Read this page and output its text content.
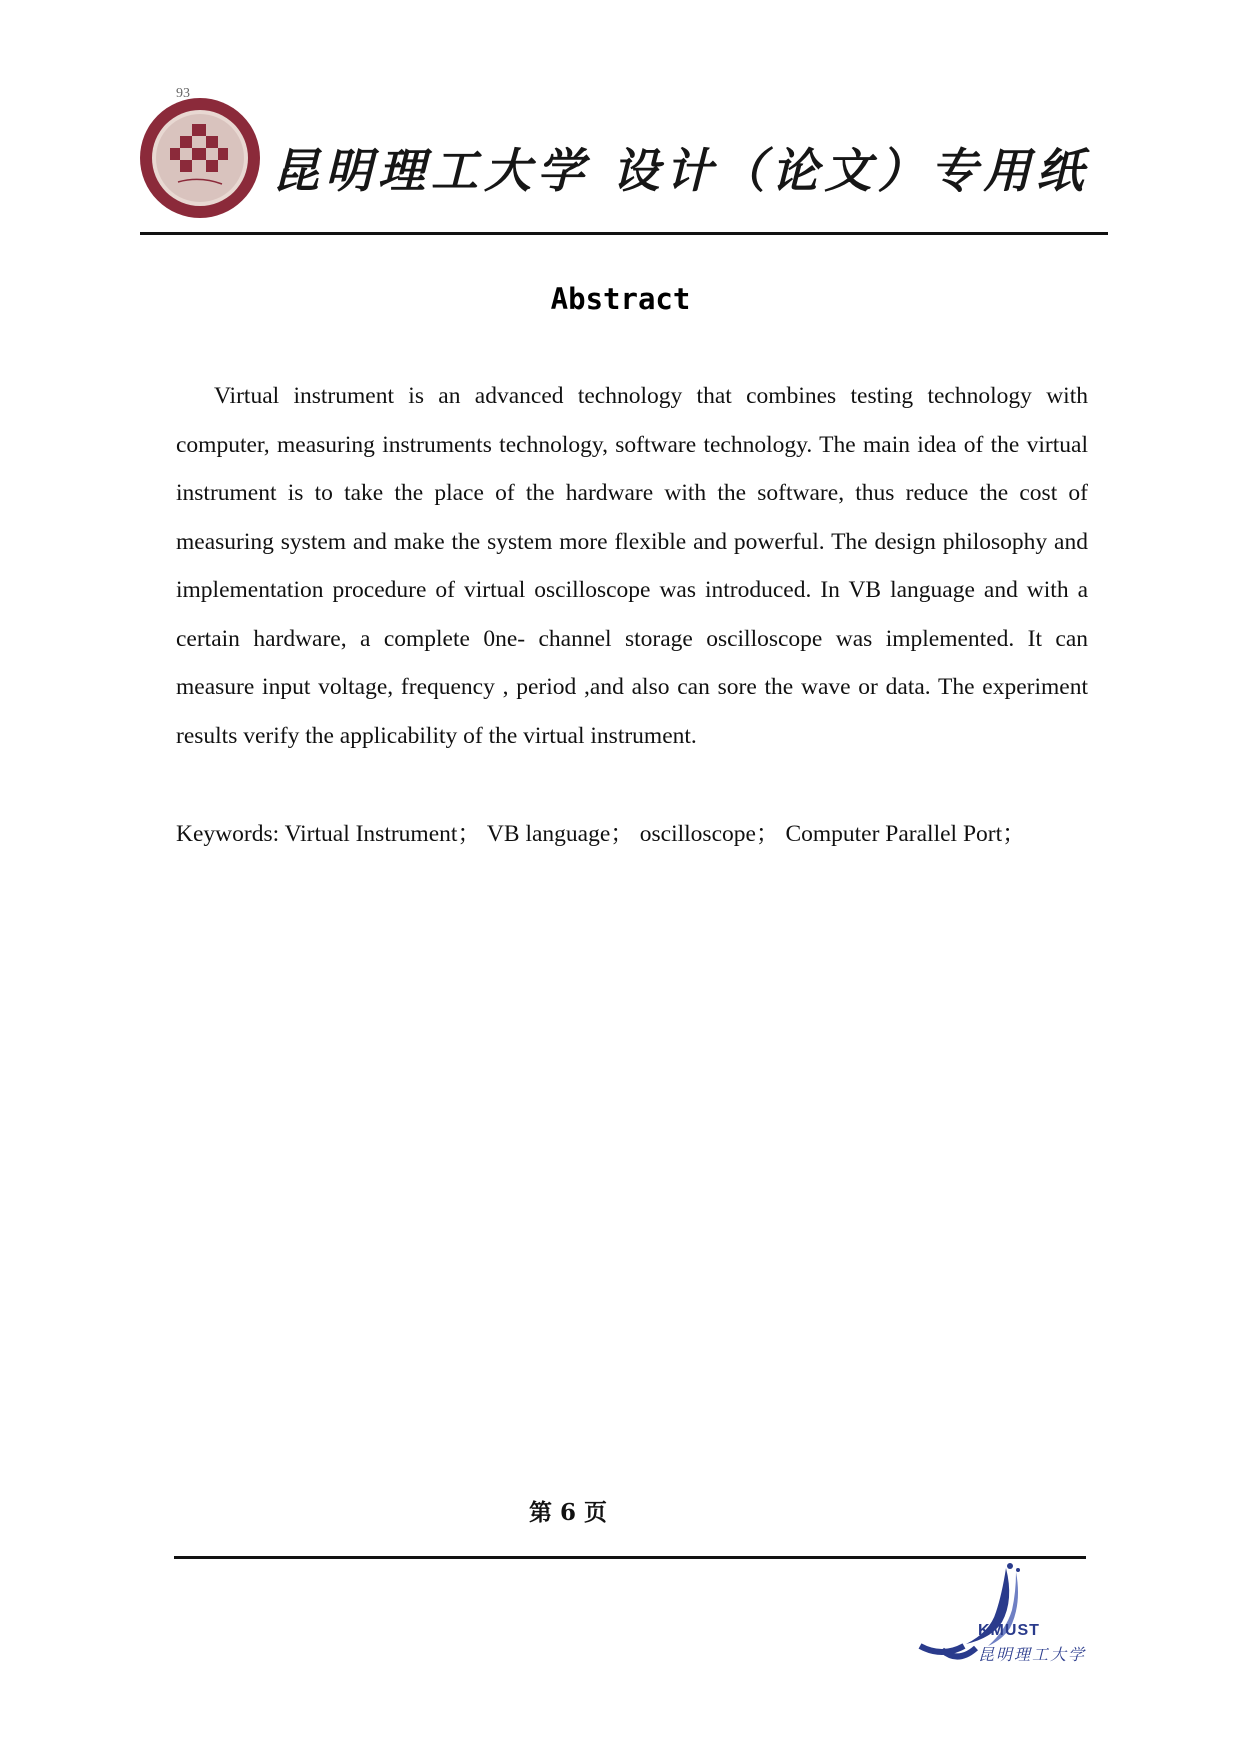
93
昆明理工大学 设计（论文）专用纸
Abstract

Virtual instrument is an advanced technology that combines testing technology with computer, measuring instruments technology, software technology. The main idea of the virtual instrument is to take the place of the hardware with the software, thus reduce the cost of measuring system and make the system more flexible and powerful. The design philosophy and implementation procedure of virtual oscilloscope was introduced. In VB language and with a certain hardware, a complete 0ne- channel storage oscilloscope was implemented. It can measure input voltage, frequency , period ,and also can sore the wave or data. The experiment results verify the applicability of the virtual instrument.

Keywords: Virtual Instrument； VB language； oscilloscope； Computer Parallel Port；
第 6 页
KMUST
昆明理工大学
